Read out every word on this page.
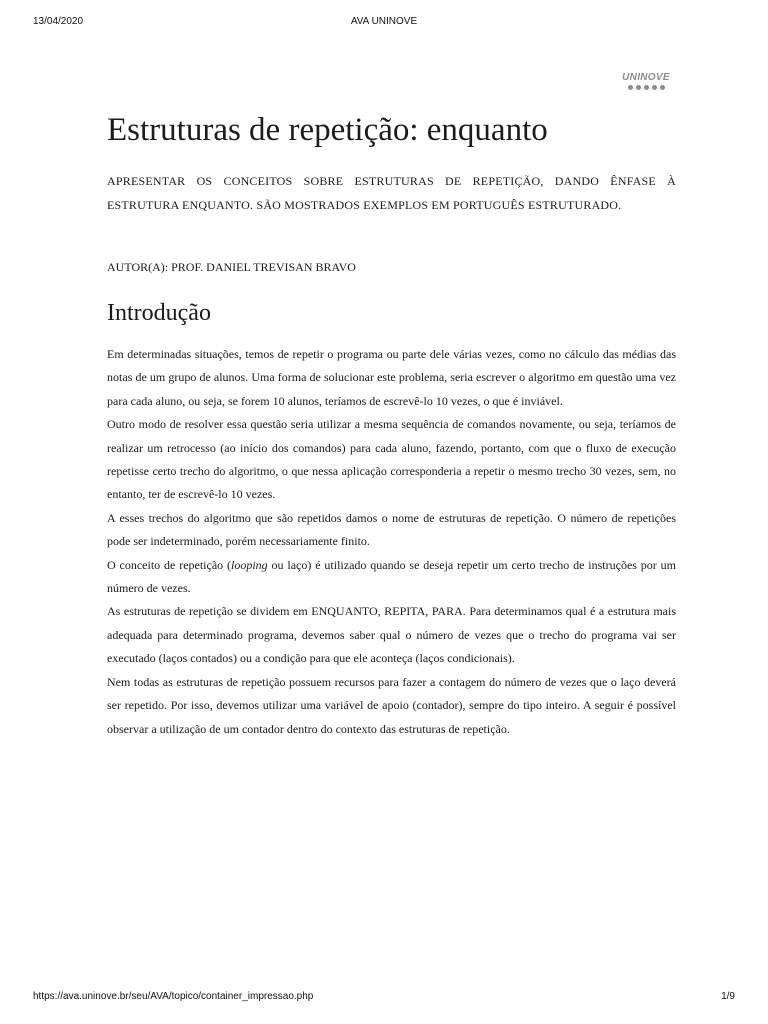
13/04/2020	AVA UNINOVE
UNINOVE
Estruturas de repetição: enquanto

APRESENTAR OS CONCEITOS SOBRE ESTRUTURAS DE REPETIÇÃO, DANDO ÊNFASE À ESTRUTURA ENQUANTO. SÃO MOSTRADOS EXEMPLOS EM PORTUGUÊS ESTRUTURADO.

AUTOR(A): PROF. DANIEL TREVISAN BRAVO

Introdução

Em determinadas situações, temos de repetir o programa ou parte dele várias vezes, como no cálculo das médias das notas de um grupo de alunos. Uma forma de solucionar este problema, seria escrever o algoritmo em questão uma vez para cada aluno, ou seja, se forem 10 alunos, teríamos de escrevê-lo 10 vezes, o que é inviável.

Outro modo de resolver essa questão seria utilizar a mesma sequência de comandos novamente, ou seja, teríamos de realizar um retrocesso (ao início dos comandos) para cada aluno, fazendo, portanto, com que o fluxo de execução repetisse certo trecho do algoritmo, o que nessa aplicação corresponderia a repetir o mesmo trecho 30 vezes, sem, no entanto, ter de escrevê-lo 10 vezes.

A esses trechos do algoritmo que são repetidos damos o nome de estruturas de repetição. O número de repetições pode ser indeterminado, porém necessariamente finito.

O conceito de repetição (looping ou laço) é utilizado quando se deseja repetir um certo trecho de instruções por um número de vezes.

As estruturas de repetição se dividem em ENQUANTO, REPITA, PARA. Para determinamos qual é a estrutura mais adequada para determinado programa, devemos saber qual o número de vezes que o trecho do programa vai ser executado (laços contados) ou a condição para que ele aconteça (laços condicionais).

Nem todas as estruturas de repetição possuem recursos para fazer a contagem do número de vezes que o laço deverá ser repetido. Por isso, devemos utilizar uma variável de apoio (contador), sempre do tipo inteiro. A seguir é possível observar a utilização de um contador dentro do contexto das estruturas de repetição.

https://ava.uninove.br/seu/AVA/topico/container_impressao.php	1/9
